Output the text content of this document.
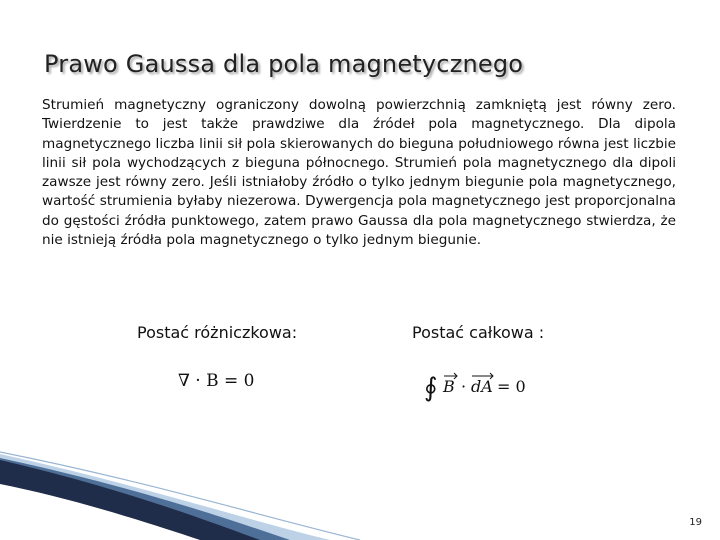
Prawo Gaussa dla pola magnetycznego
Strumień magnetyczny ograniczony dowolną powierzchnią zamkniętą jest równy zero. Twierdzenie to jest także prawdziwe dla źródeł pola magnetycznego. Dla dipola magnetycznego liczba linii sił pola skierowanych do bieguna południowego równa jest liczbie linii sił pola wychodzących z bieguna północnego. Strumień pola magnetycznego dla dipoli zawsze jest równy zero. Jeśli istniałoby źródło o tylko jednym biegunie pola magnetycznego, wartość strumienia byłaby niezerowa. Dywergencja pola magnetycznego jest proporcjonalna do gęstości źródła punktowego, zatem prawo Gaussa dla pola magnetycznego stwierdza, że nie istnieją źródła pola magnetycznego o tylko jednym biegunie.
Postać różniczkowa:	Postać całkowa :
∇ · B = 0	∮ B · dA = 0
19
